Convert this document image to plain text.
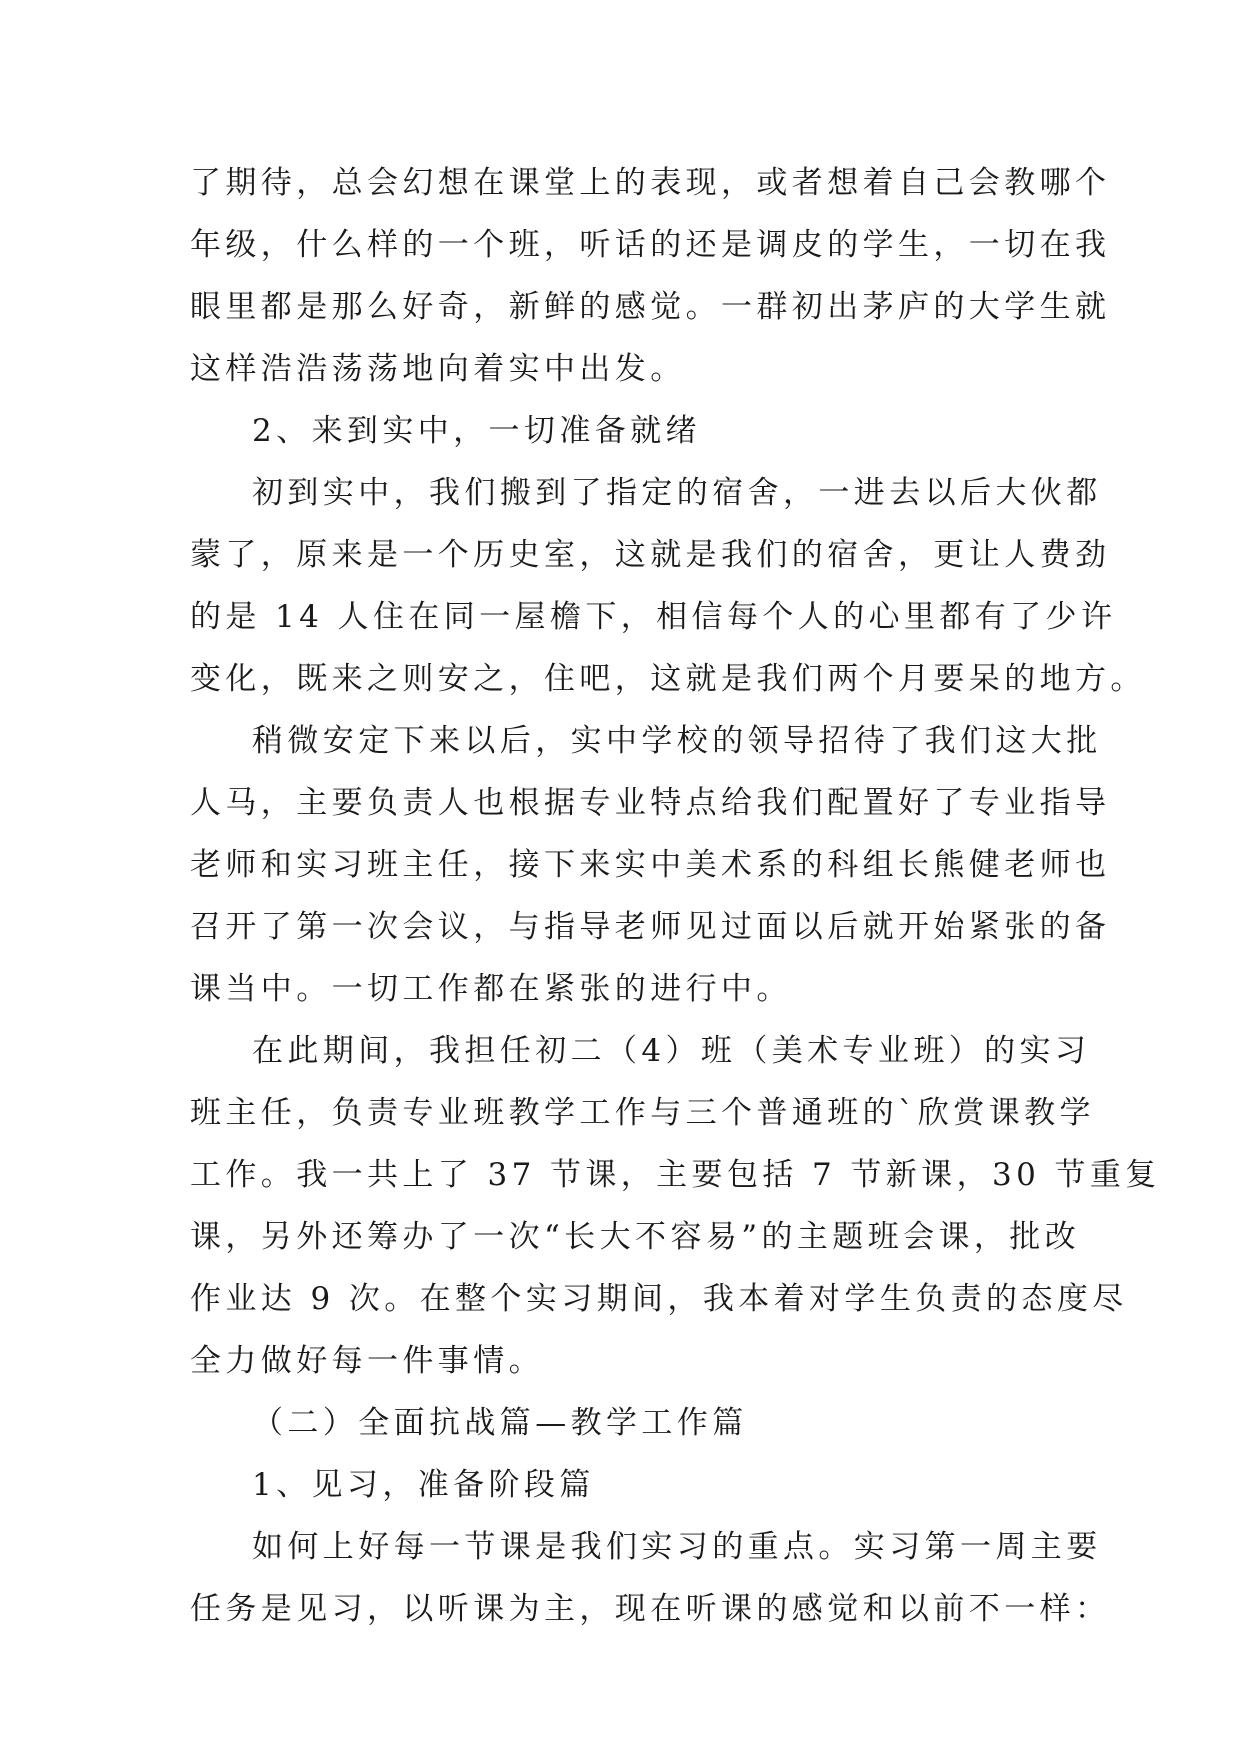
了期待，总会幻想在课堂上的表现，或者想着自己会教哪个
年级，什么样的一个班，听话的还是调皮的学生，一切在我
眼里都是那么好奇，新鲜的感觉。一群初出茅庐的大学生就
这样浩浩荡荡地向着实中出发。
2、来到实中，一切准备就绪
初到实中，我们搬到了指定的宿舍，一进去以后大伙都
蒙了，原来是一个历史室，这就是我们的宿舍，更让人费劲
的是 14 人住在同一屋檐下，相信每个人的心里都有了少许
变化，既来之则安之，住吧，这就是我们两个月要呆的地方。
稍微安定下来以后，实中学校的领导招待了我们这大批
人马，主要负责人也根据专业特点给我们配置好了专业指导
老师和实习班主任，接下来实中美术系的科组长熊健老师也
召开了第一次会议，与指导老师见过面以后就开始紧张的备
课当中。一切工作都在紧张的进行中。
在此期间，我担任初二（4）班（美术专业班）的实习
班主任，负责专业班教学工作与三个普通班的`欣赏课教学
工作。我一共上了 37 节课，主要包括 7 节新课，30 节重复
课，另外还筹办了一次“长大不容易”的主题班会课，批改
作业达 9 次。在整个实习期间，我本着对学生负责的态度尽
全力做好每一件事情。
（二）全面抗战篇—教学工作篇
1、见习，准备阶段篇
如何上好每一节课是我们实习的重点。实习第一周主要
任务是见习，以听课为主，现在听课的感觉和以前不一样：
